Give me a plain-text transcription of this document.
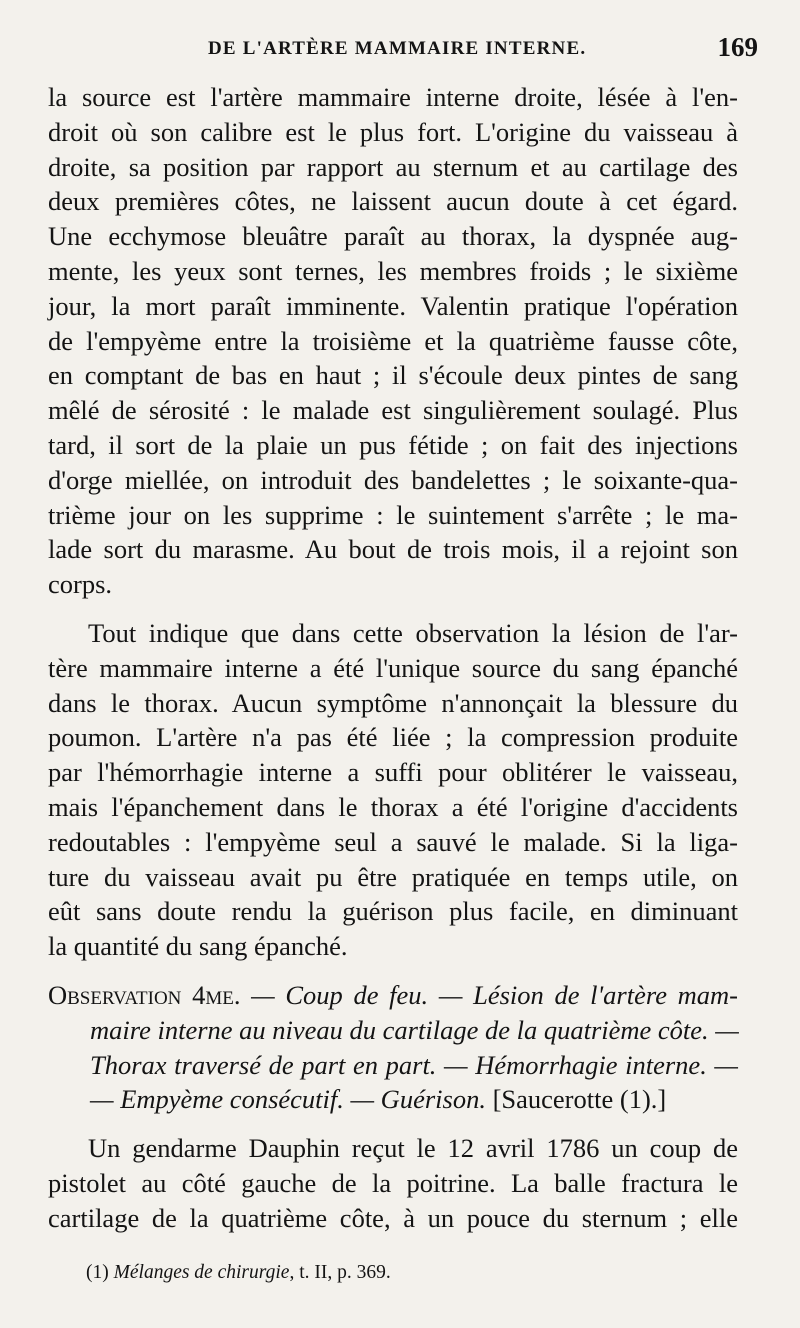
DE L'ARTÈRE MAMMAIRE INTERNE.	169
la source est l'artère mammaire interne droite, lésée à l'en-
droit où son calibre est le plus fort. L'origine du vaisseau à
droite, sa position par rapport au sternum et au cartilage des
deux premières côtes, ne laissent aucun doute à cet égard.
Une ecchymose bleuâtre paraît au thorax, la dyspnée aug-
mente, les yeux sont ternes, les membres froids ; le sixième
jour, la mort paraît imminente. Valentin pratique l'opération
de l'empyème entre la troisième et la quatrième fausse côte,
en comptant de bas en haut ; il s'écoule deux pintes de sang
mêlé de sérosité : le malade est singulièrement soulagé. Plus
tard, il sort de la plaie un pus fétide ; on fait des injections
d'orge miellée, on introduit des bandelettes ; le soixante-qua-
trième jour on les supprime : le suintement s'arrête ; le ma-
lade sort du marasme. Au bout de trois mois, il a rejoint son
corps.
Tout indique que dans cette observation la lésion de l'ar-
tère mammaire interne a été l'unique source du sang épanché
dans le thorax. Aucun symptôme n'annonçait la blessure du
poumon. L'artère n'a pas été liée ; la compression produite
par l'hémorrhagie interne a suffi pour oblitérer le vaisseau,
mais l'épanchement dans le thorax a été l'origine d'accidents
redoutables : l'empyème seul a sauvé le malade. Si la liga-
ture du vaisseau avait pu être pratiquée en temps utile, on
eût sans doute rendu la guérison plus facile, en diminuant
la quantité du sang épanché.
Observation 4me. — Coup de feu. — Lésion de l'artère mam-
maire interne au niveau du cartilage de la quatrième côte. —
Thorax traversé de part en part. — Hémorrhagie interne. —
— Empyème consécutif. — Guérison. [Saucerotte (1).]
Un gendarme Dauphin reçut le 12 avril 1786 un coup de
pistolet au côté gauche de la poitrine. La balle fractura le
cartilage de la quatrième côte, à un pouce du sternum ; elle
(1) Mélanges de chirurgie, t. II, p. 369.
